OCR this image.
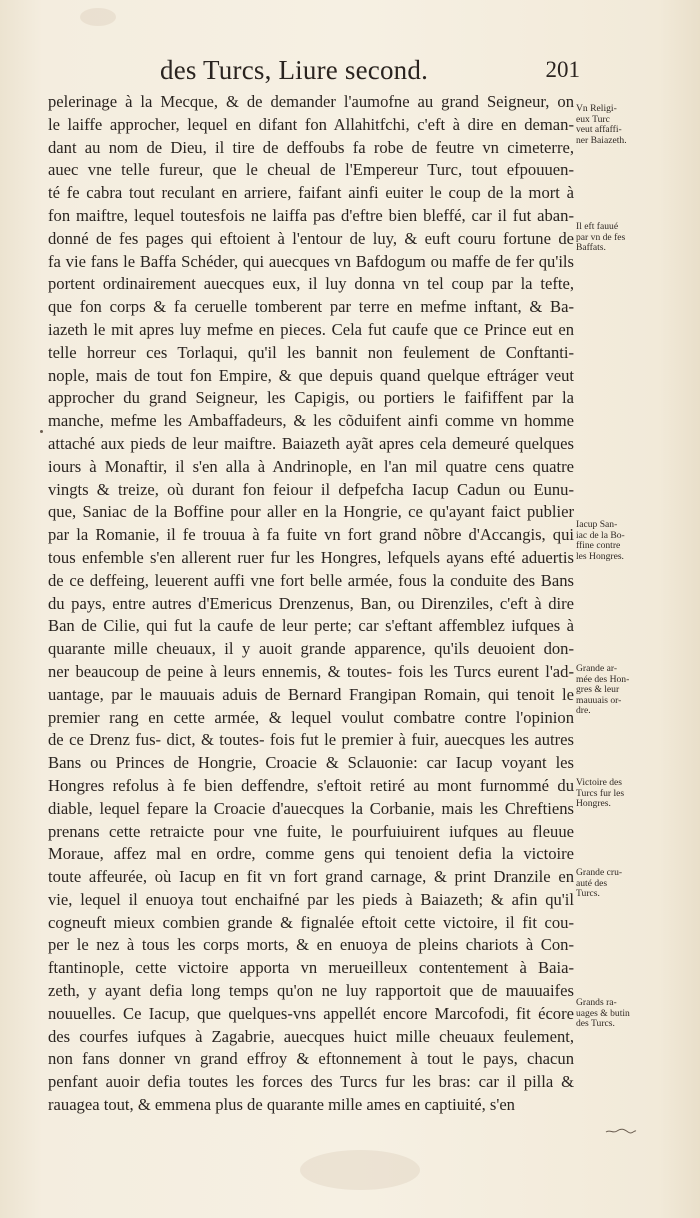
des Turcs, Liure second.	201
pelerinage à la Mecque, & de demander l'aumofne au grand Seigneur, on
le laiffe approcher, lequel en difant fon Allahitfchi, c'eft à dire en deman-
dant au nom de Dieu, il tire de deffoubs fa robe de feutre vn cimeterre,
auec vne telle fureur, que le cheual de l'Empereur Turc, tout efpouuen-
té fe cabra tout reculant en arriere, faifant ainfi euiter le coup de la mort à
fon maiftre, lequel toutesfois ne laiffa pas d'eftre bien bleffé, car il fut aban-
donné de fes pages qui eftoient à l'entour de luy, & euft couru fortune de
fa vie fans le Baffa Schéder, qui auecques vn Bafdogum ou maffe de fer qu'ils
portent ordinairement auecques eux, il luy donna vn tel coup par la tefte,
que fon corps & fa ceruelle tomberent par terre en mefme inftant, & Ba-
iazeth le mit apres luy mefme en pieces. Cela fut caufe que ce Prince eut en
telle horreur ces Torlaqui, qu'il les bannit non feulement de Conftanti-
nople, mais de tout fon Empire, & que depuis quand quelque eftráger veut
approcher du grand Seigneur, les Capigis, ou portiers le faififfent par la
manche, mefme les Ambaffadeurs, & les cõduifent ainfi comme vn homme
attaché aux pieds de leur maiftre. Baiazeth ayãt apres cela demeuré quelques
iours à Monaftir, il s'en alla à Andrinople, en l'an mil quatre cens quatre
vingts & treize, où durant fon feiour il defpefcha Iacup Cadun ou Eunu-
que, Saniac de la Boffine pour aller en la Hongrie, ce qu'ayant faict publier
par la Romanie, il fe trouua à fa fuite vn fort grand nõbre d'Accangis, qui
tous enfemble s'en allerent ruer fur les Hongres, lefquels ayans efté aduertis
de ce deffeing, leuerent auffi vne fort belle armée, fous la conduite des Bans
du pays, entre autres d'Emericus Drenzenus, Ban, ou Direnziles, c'eft à dire
Ban de Cilie, qui fut la caufe de leur perte; car s'eftant affemblez iufques à
quarante mille cheuaux, il y auoit grande apparence, qu'ils deuoient don-
ner beaucoup de peine à leurs ennemis, & toutes- fois les Turcs eurent l'ad-
uantage, par le mauuais aduis de Bernard Frangipan Romain, qui tenoit le
premier rang en cette armée, & lequel voulut combatre contre l'opinion
de ce Drenz fus- dict, & toutes- fois fut le premier à fuir, auecques les autres
Bans ou Princes de Hongrie, Croacie & Sclauonie: car Iacup voyant les
Hongres refolus à fe bien deffendre, s'eftoit retiré au mont furnommé du
diable, lequel fepare la Croacie d'auecques la Corbanie, mais les Chreftiens
prenans cette retraicte pour vne fuite, le pourfuiuirent iufques au fleuue
Moraue, affez mal en ordre, comme gens qui tenoient defia la victoire
toute affeurée, où Iacup en fit vn fort grand carnage, & print Dranzile en
vie, lequel il enuoya tout enchaifné par les pieds à Baiazeth; & afin qu'il
cogneuft mieux combien grande & fignalée eftoit cette victoire, il fit cou-
per le nez à tous les corps morts, & en enuoya de pleins chariots à Con-
ftantinople, cette victoire apporta vn merueilleux contentement à Baia-
zeth, y ayant defia long temps qu'on ne luy rapportoit que de mauuaifes
nouuelles. Ce Iacup, que quelques-vns appellét encore Marcofodi, fit écore
des courfes iufques à Zagabrie, auecques huict mille cheuaux feulement,
non fans donner vn grand effroy & eftonnement à tout le pays, chacun
penfant auoir defia toutes les forces des Turcs fur les bras: car il pilla &
rauagea tout, & emmena plus de quarante mille ames en captiuité, s'en
Vn Religi-
eux Turc
veut affaffi-
ner Baiazeth.
Il eft fauué
par vn de fes
Baffats.
Iacup San-
iac de la Bo-
ffine contre
les Hongres.
Grande ar-
mée des Hon-
gres & leur
mauuais or-
dre.
Victoire des
Turcs fur les
Hongres.
Grande cru-
auté des
Turcs.
Grands ra-
uages & butin
des Turcs.
